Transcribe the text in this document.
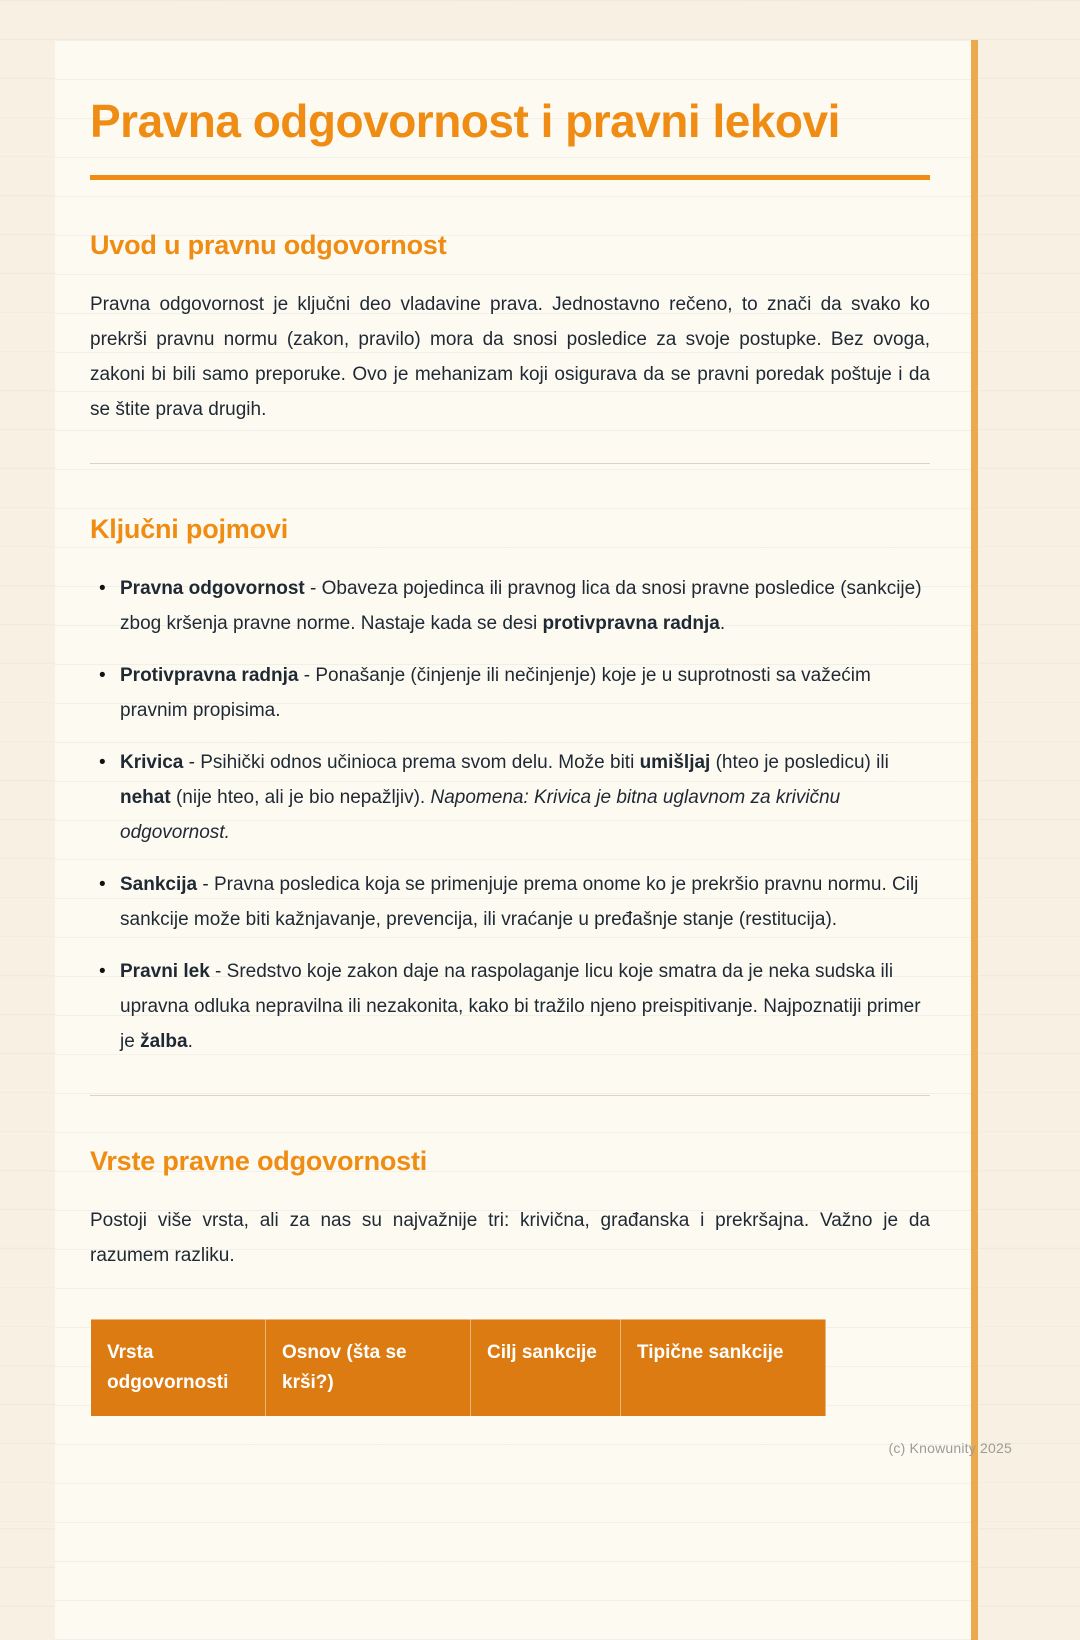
Pravna odgovornost i pravni lekovi
Uvod u pravnu odgovornost

Pravna odgovornost je ključni deo vladavine prava. Jednostavno rečeno, to znači da svako ko prekrši pravnu normu (zakon, pravilo) mora da snosi posledice za svoje postupke. Bez ovoga, zakoni bi bili samo preporuke. Ovo je mehanizam koji osigurava da se pravni poredak poštuje i da se štite prava drugih.

Ključni pojmovi
• Pravna odgovornost - Obaveza pojedinca ili pravnog lica da snosi pravne posledice (sankcije) zbog kršenja pravne norme. Nastaje kada se desi protivpravna radnja.
• Protivpravna radnja - Ponašanje (činjenje ili nečinjenje) koje je u suprotnosti sa važećim pravnim propisima.
• Krivica - Psihički odnos učinioca prema svom delu. Može biti umišljaj (hteo je posledicu) ili nehat (nije hteo, ali je bio nepažljiv). Napomena: Krivica je bitna uglavnom za krivičnu odgovornost.
• Sankcija - Pravna posledica koja se primenjuje prema onome ko je prekršio pravnu normu. Cilj sankcije može biti kažnjavanje, prevencija, ili vraćanje u pređašnje stanje (restitucija).
• Pravni lek - Sredstvo koje zakon daje na raspolaganje licu koje smatra da je neka sudska ili upravna odluka nepravilna ili nezakonita, kako bi tražilo njeno preispitivanje. Najpoznatiji primer je žalba.
Vrste pravne odgovornosti

Postoji više vrsta, ali za nas su najvažnije tri: krivična, građanska i prekršajna. Važno je da razumem razliku.

Vrsta odgovornosti	Osnov (šta se krši?)	Cilj sankcije	Tipične sankcije
(c) Knowunity 2025
